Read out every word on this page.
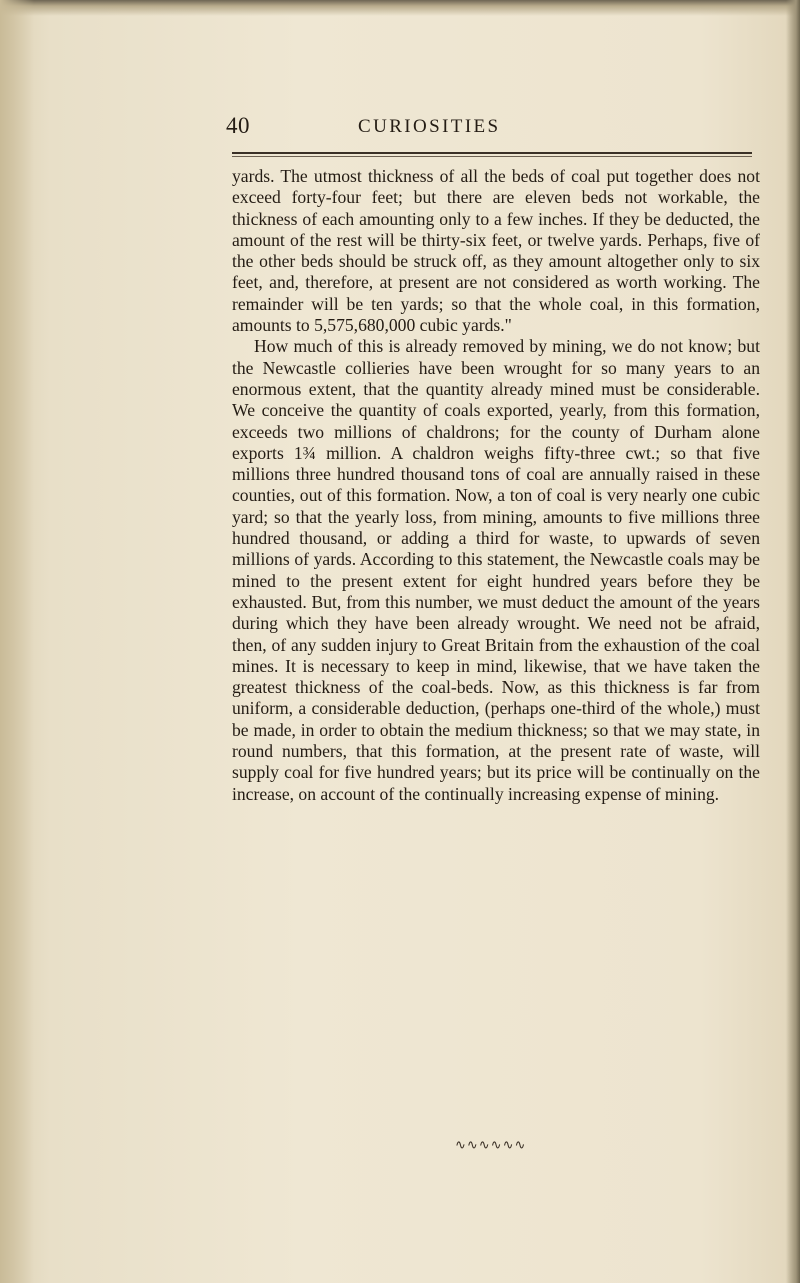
40	CURIOSITIES

yards. The utmost thickness of all the beds of coal put together does not exceed forty-four feet; but there are eleven beds not workable, the thickness of each amounting only to a few inches. If they be deducted, the amount of the rest will be thirty-six feet, or twelve yards. Perhaps, five of the other beds should be struck off, as they amount altogether only to six feet, and, therefore, at present are not considered as worth working. The remainder will be ten yards; so that the whole coal, in this formation, amounts to 5,575,680,000 cubic yards."

How much of this is already removed by mining, we do not know; but the Newcastle collieries have been wrought for so many years to an enormous extent, that the quantity already mined must be considerable. We conceive the quantity of coals exported, yearly, from this formation, exceeds two millions of chaldrons; for the county of Durham alone exports 1¾ million. A chaldron weighs fifty-three cwt.; so that five millions three hundred thousand tons of coal are annually raised in these counties, out of this formation. Now, a ton of coal is very nearly one cubic yard; so that the yearly loss, from mining, amounts to five millions three hundred thousand, or adding a third for waste, to upwards of seven millions of yards. According to this statement, the Newcastle coals may be mined to the present extent for eight hundred years before they be exhausted. But, from this number, we must deduct the amount of the years during which they have been already wrought. We need not be afraid, then, of any sudden injury to Great Britain from the exhaustion of the coal mines. It is necessary to keep in mind, likewise, that we have taken the greatest thickness of the coal-beds. Now, as this thickness is far from uniform, a considerable deduction, (perhaps one-third of the whole,) must be made, in order to obtain the medium thickness; so that we may state, in round numbers, that this formation, at the present rate of waste, will supply coal for five hundred years; but its price will be continually on the increase, on account of the continually increasing expense of mining.

∿∿∿∿∿∿
